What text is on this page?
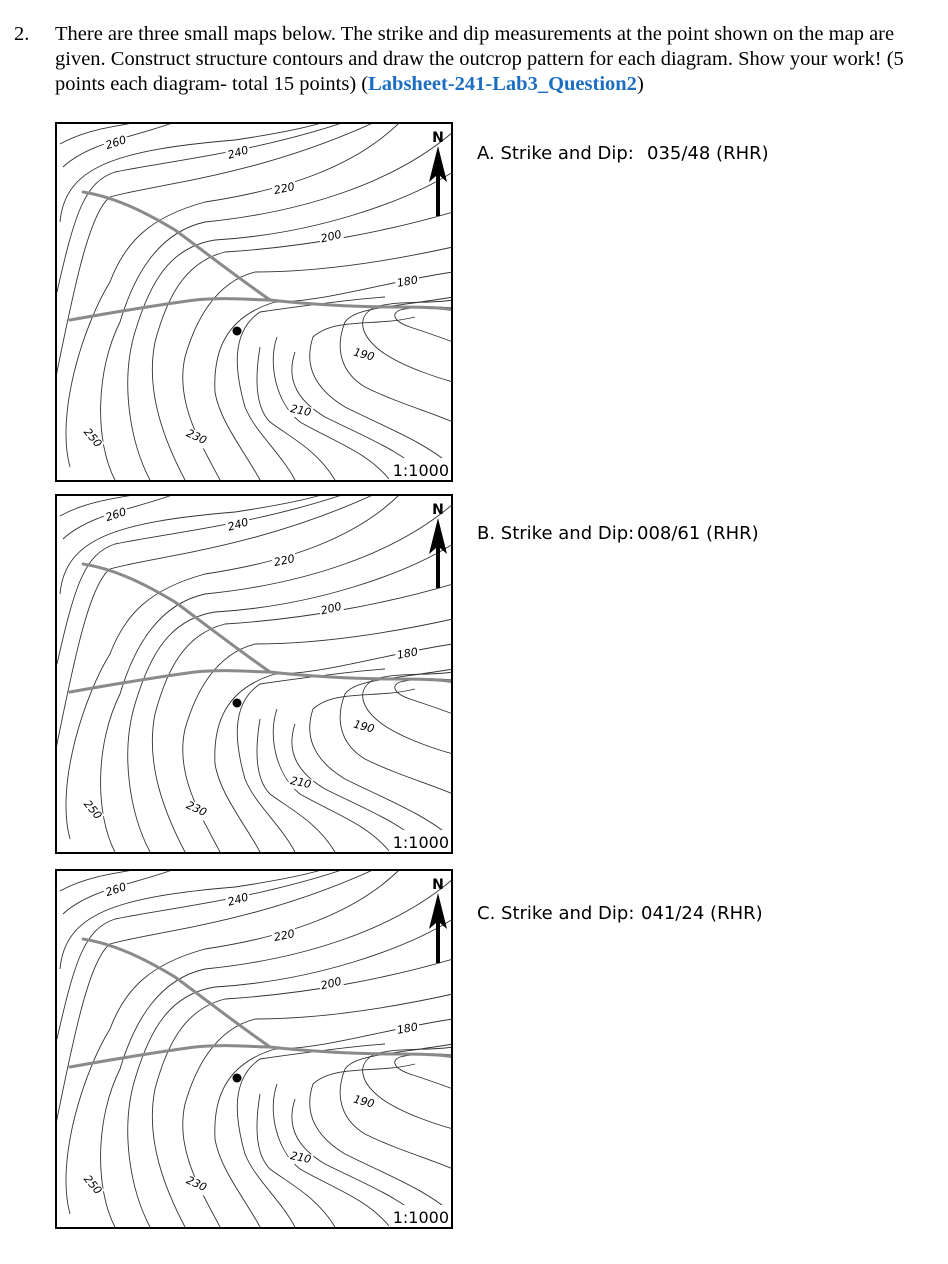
2. There are three small maps below. The strike and dip measurements at the point shown on the map are given. Construct structure contours and draw the outcrop pattern for each diagram. Show your work! (5 points each diagram- total 15 points) (Labsheet-241-Lab3_Question2)
260
240
220
200
180
190
210
230
250
N
1:1000
260
240
220
200
180
190
210
230
250
N
1:1000
260
240
220
200
180
190
210
230
250
N
1:1000
A. Strike and Dip: 035/48 (RHR)
B. Strike and Dip: 008/61 (RHR)
C. Strike and Dip: 041/24 (RHR)
